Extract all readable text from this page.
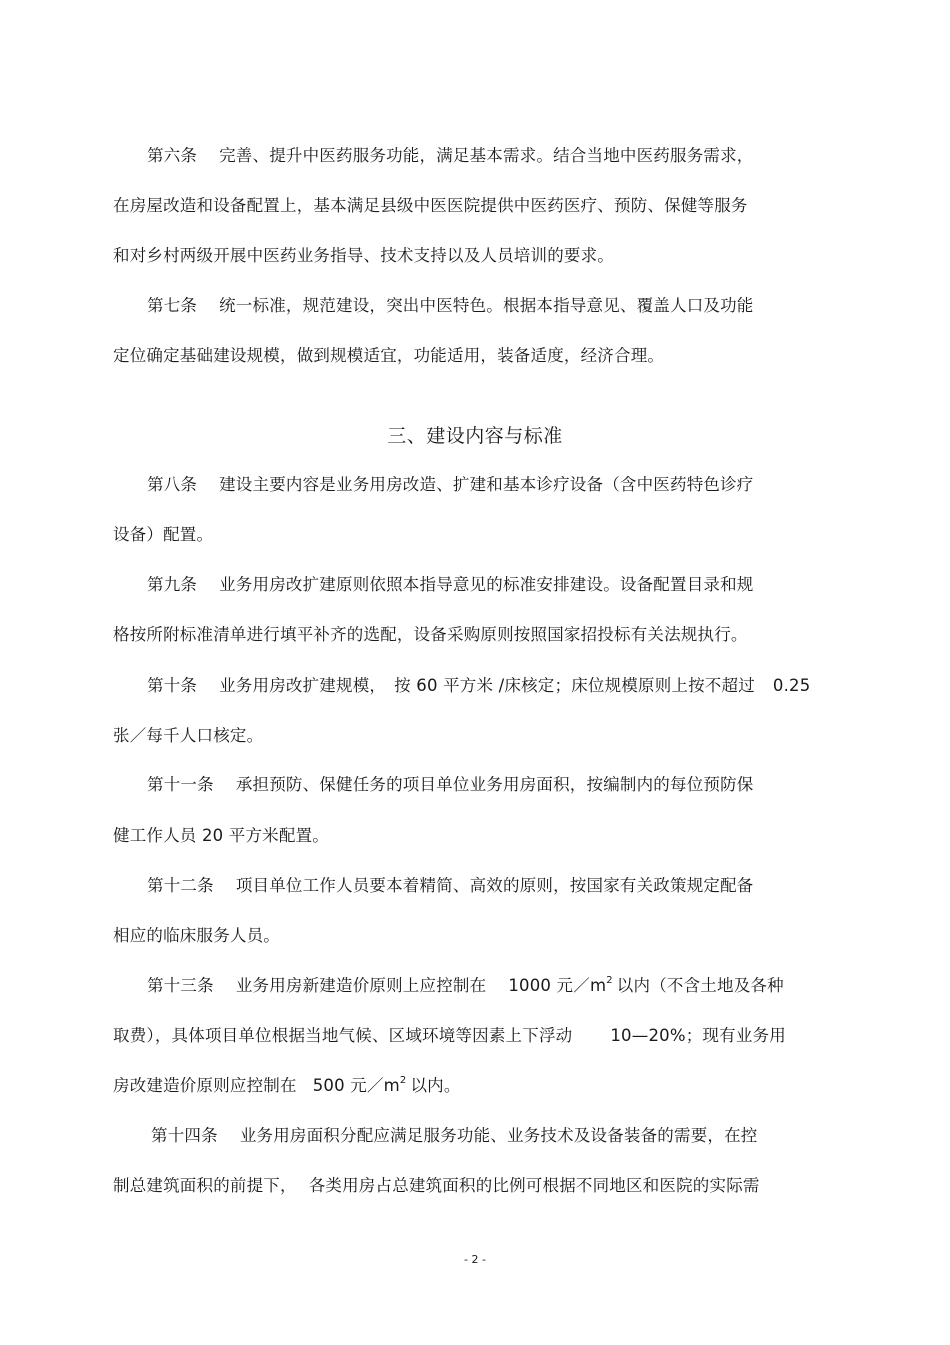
第六条 完善、提升中医药服务功能，满足基本需求。结合当地中医药服务需求，

在房屋改造和设备配置上，基本满足县级中医医院提供中医药医疗、预防、保健等服务

和对乡村两级开展中医药业务指导、技术支持以及人员培训的要求。

第七条 统一标准，规范建设，突出中医特色。根据本指导意见、覆盖人口及功能

定位确定基础建设规模，做到规模适宜，功能适用，装备适度，经济合理。

三、建设内容与标准

第八条 建设主要内容是业务用房改造、扩建和基本诊疗设备（含中医药特色诊疗

设备）配置。

第九条 业务用房改扩建原则依照本指导意见的标准安排建设。设备配置目录和规

格按所附标准清单进行填平补齐的选配，设备采购原则按照国家招投标有关法规执行。

第十条 业务用房改扩建规模， 按 60 平方米 /床核定；床位规模原则上按不超过 0.25

张／每千人口核定。

第十一条 承担预防、保健任务的项目单位业务用房面积，按编制内的每位预防保

健工作人员 20 平方米配置。

第十二条 项目单位工作人员要本着精简、高效的原则，按国家有关政策规定配备

相应的临床服务人员。

第十三条 业务用房新建造价原则上应控制在 1000 元$/m^2$ 以内（不含土地及各种

取费），具体项目单位根据当地气候、区域环境等因素上下浮动 10—20%；现有业务用

房改建造价原则应控制在 500 元$/m^2$ 以内。

第十四条 业务用房面积分配应满足服务功能、业务技术及设备装备的需要，在控

制总建筑面积的前提下， 各类用房占总建筑面积的比例可根据不同地区和医院的实际需

- 2 -
